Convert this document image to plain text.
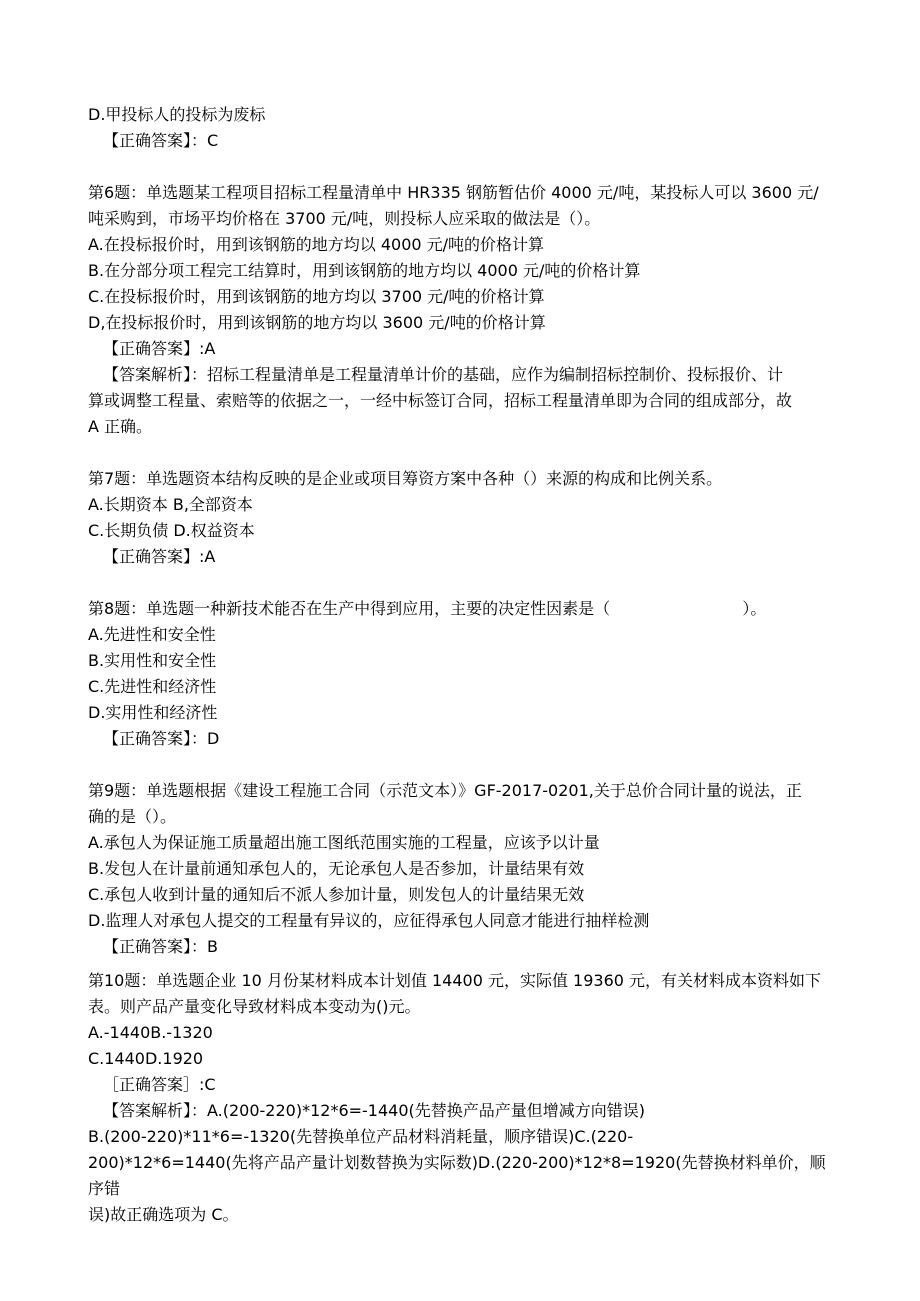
D.甲投标人的投标为废标

【正确答案】：C

第6题：单选题某工程项目招标工程量清单中 HR335 钢筋暂估价 4000 元/吨，某投标人可以 3600 元/

吨采购到，市场平均价格在 3700 元/吨，则投标人应采取的做法是（）。

A.在投标报价时，用到该钢筋的地方均以 4000 元/吨的价格计算

B.在分部分项工程完工结算时，用到该钢筋的地方均以 4000 元/吨的价格计算

C.在投标报价时，用到该钢筋的地方均以 3700 元/吨的价格计算

D,在投标报价时，用到该钢筋的地方均以 3600 元/吨的价格计算

【正确答案】:A

【答案解析】：招标工程量清单是工程量清单计价的基础，应作为编制招标控制价、投标报价、计

算或调整工程量、索赔等的依据之一，一经中标签订合同，招标工程量清单即为合同的组成部分，故

A 正确。

第7题：单选题资本结构反映的是企业或项目筹资方案中各种（）来源的构成和比例关系。

A.长期资本 B,全部资本

C.长期负债 D.权益资本

【正确答案】:A

第8题：单选题一种新技术能否在生产中得到应用，主要的决定性因素是（                          ）。

A.先进性和安全性

B.实用性和安全性

C.先进性和经济性

D.实用性和经济性

【正确答案】：D

第9题：单选题根据《建设工程施工合同（示范文本）》GF-2017-0201,关于总价合同计量的说法，正

确的是（）。

A.承包人为保证施工质量超出施工图纸范围实施的工程量，应该予以计量

B.发包人在计量前通知承包人的，无论承包人是否参加，计量结果有效

C.承包人收到计量的通知后不派人参加计量，则发包人的计量结果无效

D.监理人对承包人提交的工程量有异议的，应征得承包人同意才能进行抽样检测

【正确答案】：B

第10题：单选题企业 10 月份某材料成本计划值 14400 元，实际值 19360 元，有关材料成本资料如下

表。则产品产量变化导致材料成本变动为()元。

A.-1440B.-1320

C.1440D.1920

［正确答案］:C

【答案解析】：A.(200-220)*12*6=-1440(先替换产品产量但增减方向错误)

B.(200-220)*11*6=-1320(先替换单位产品材料消耗量，顺序错误)C.(220-

200)*12*6=1440(先将产品产量计划数替换为实际数)D.(220-200)*12*8=1920(先替换材料单价，顺序错

误)故正确选项为 C。
